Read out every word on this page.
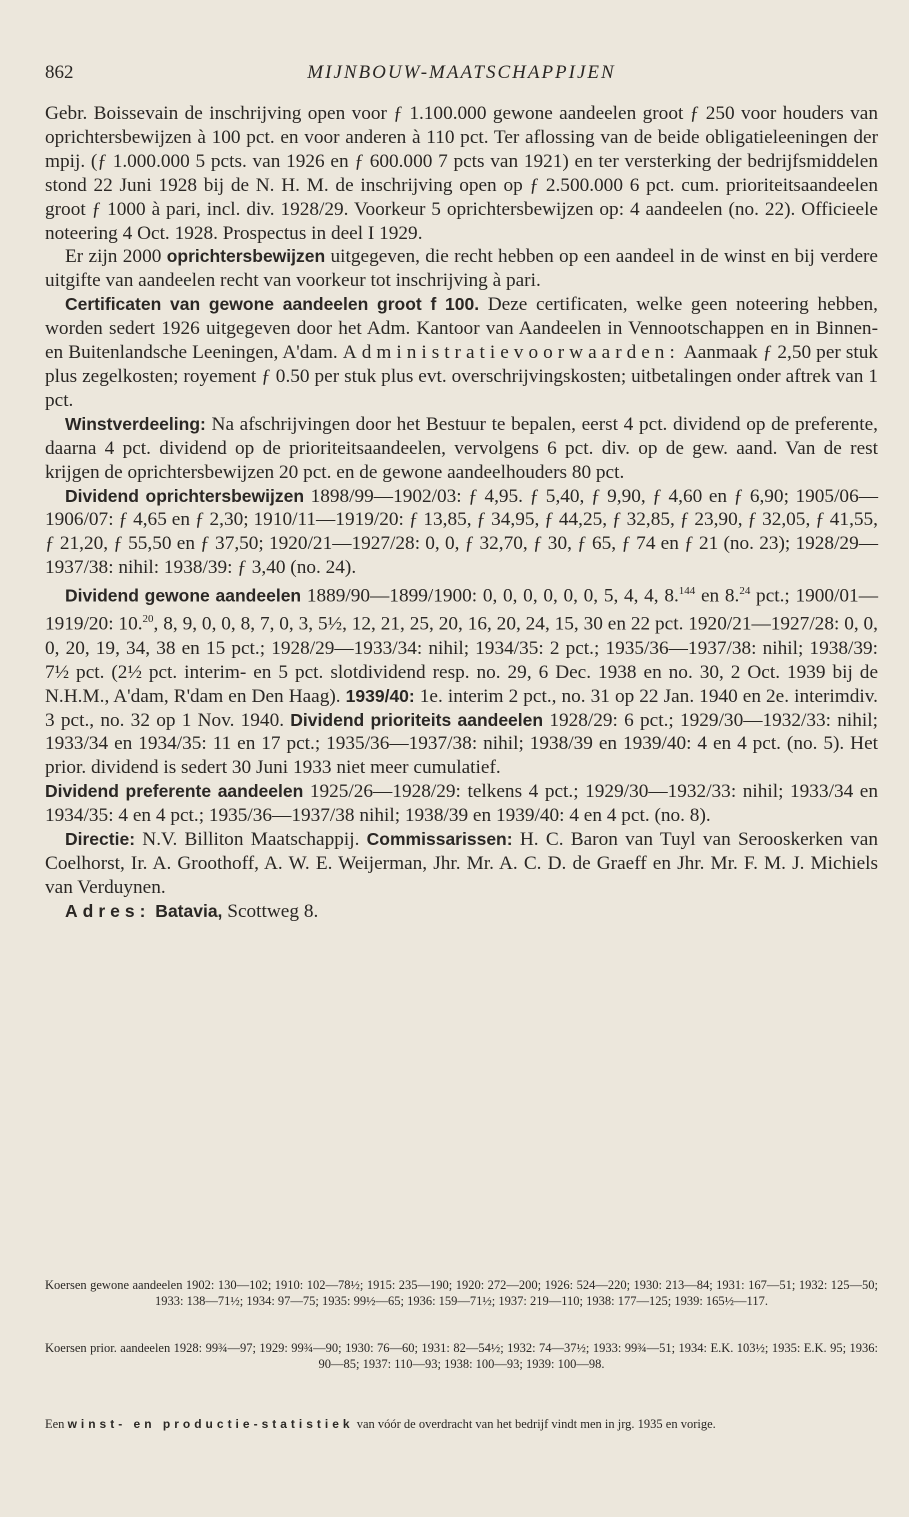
862	MIJNBOUW-MAATSCHAPPIJEN

Gebr. Boissevain de inschrijving open voor ƒ 1.100.000 gewone aandeelen groot ƒ 250 voor houders van oprichtersbewijzen à 100 pct. en voor anderen à 110 pct. Ter aflossing van de beide obligatieleeningen der mpij. (ƒ 1.000.000 5 pcts. van 1926 en ƒ 600.000 7 pcts van 1921) en ter versterking der bedrijfsmiddelen stond 22 Juni 1928 bij de N. H. M. de inschrijving open op ƒ 2.500.000 6 pct. cum. prioriteitsaandeelen groot ƒ 1000 à pari, incl. div. 1928/29. Voorkeur 5 oprichtersbewijzen op: 4 aandeelen (no. 22). Officieele noteering 4 Oct. 1928. Prospectus in deel I 1929.

Er zijn 2000 oprichtersbewijzen uitgegeven, die recht hebben op een aandeel in de winst en bij verdere uitgifte van aandeelen recht van voorkeur tot inschrijving à pari.

Certificaten van gewone aandeelen groot f 100. Deze certificaten, welke geen noteering hebben, worden sedert 1926 uitgegeven door het Adm. Kantoor van Aandeelen in Vennootschappen en in Binnen- en Buitenlandsche Leeningen, A'dam. Administratievoorwaarden: Aanmaak ƒ 2,50 per stuk plus zegelkosten; royement ƒ 0.50 per stuk plus evt. overschrijvingskosten; uitbetalingen onder aftrek van 1 pct.

Winstverdeeling: Na afschrijvingen door het Bestuur te bepalen, eerst 4 pct. dividend op de preferente, daarna 4 pct. dividend op de prioriteitsaandeelen, vervolgens 6 pct. div. op de gew. aand. Van de rest krijgen de oprichtersbewijzen 20 pct. en de gewone aandeelhouders 80 pct.

Dividend oprichtersbewijzen 1898/99—1902/03: ƒ 4,95. ƒ 5,40, ƒ 9,90, ƒ 4,60 en ƒ 6,90; 1905/06—1906/07: ƒ 4,65 en ƒ 2,30; 1910/11—1919/20: ƒ 13,85, ƒ 34,95, ƒ 44,25, ƒ 32,85, ƒ 23,90, ƒ 32,05, ƒ 41,55, ƒ 21,20, ƒ 55,50 en ƒ 37,50; 1920/21—1927/28: 0, 0, ƒ 32,70, ƒ 30, ƒ 65, ƒ 74 en ƒ 21 (no. 23); 1928/29—1937/38: nihil: 1938/39: ƒ 3,40 (no. 24).

Dividend gewone aandeelen 1889/90—1899/1900: 0, 0, 0, 0, 0, 0, 5, 4, 4, 8.$^{144}$ en 8.24 pct.; 1900/01—1919/20: 10.20, 8, 9, 0, 0, 8, 7, 0, 3, 5½, 12, 21, 25, 20, 16, 20, 24, 15, 30 en 22 pct. 1920/21—1927/28: 0, 0, 0, 20, 19, 34, 38 en 15 pct.; 1928/29—1933/34: nihil; 1934/35: 2 pct.; 1935/36—1937/38: nihil; 1938/39: 7½ pct. (2½ pct. interim- en 5 pct. slotdividend resp. no. 29, 6 Dec. 1938 en no. 30, 2 Oct. 1939 bij de N.H.M., A'dam, R'dam en Den Haag). 1939/40: 1e. interim 2 pct., no. 31 op 22 Jan. 1940 en 2e. interimdiv. 3 pct., no. 32 op 1 Nov. 1940. Dividend prioriteits aandeelen 1928/29: 6 pct.; 1929/30—1932/33: nihil; 1933/34 en 1934/35: 11 en 17 pct.; 1935/36—1937/38: nihil; 1938/39 en 1939/40: 4 en 4 pct. (no. 5). Het prior. dividend is sedert 30 Juni 1933 niet meer cumulatief.

Dividend preferente aandeelen 1925/26—1928/29: telkens 4 pct.; 1929/30—1932/33: nihil; 1933/34 en 1934/35: 4 en 4 pct.; 1935/36—1937/38 nihil; 1938/39 en 1939/40: 4 en 4 pct. (no. 8).

Directie: N.V. Billiton Maatschappij. Commissarissen: H. C. Baron van Tuyl van Serooskerken van Coelhorst, Ir. A. Groothoff, A. W. E. Weijerman, Jhr. Mr. A. C. D. de Graeff en Jhr. Mr. F. M. J. Michiels van Verduynen.

Adres: Batavia, Scottweg 8.

Koersen gewone aandeelen 1902: 130—102; 1910: 102—78½; 1915: 235—190; 1920: 272—200; 1926: 524—220; 1930: 213—84; 1931: 167—51; 1932: 125—50; 1933: 138—71½; 1934: 97—75; 1935: 99½—65; 1936: 159—71½; 1937: 219—110; 1938: 177—125; 1939: 165½—117.
Koersen prior. aandeelen 1928: 99¾—97; 1929: 99¾—90; 1930: 76—60; 1931: 82—54½; 1932: 74—37½; 1933: 99¾—51; 1934: E.K. 103½; 1935: E.K. 95; 1936: 90—85; 1937: 110—93; 1938: 100—93; 1939: 100—98.
Een winst- en productie-statistiek van vóór de overdracht van het bedrijf vindt men in jrg. 1935 en vorige.
